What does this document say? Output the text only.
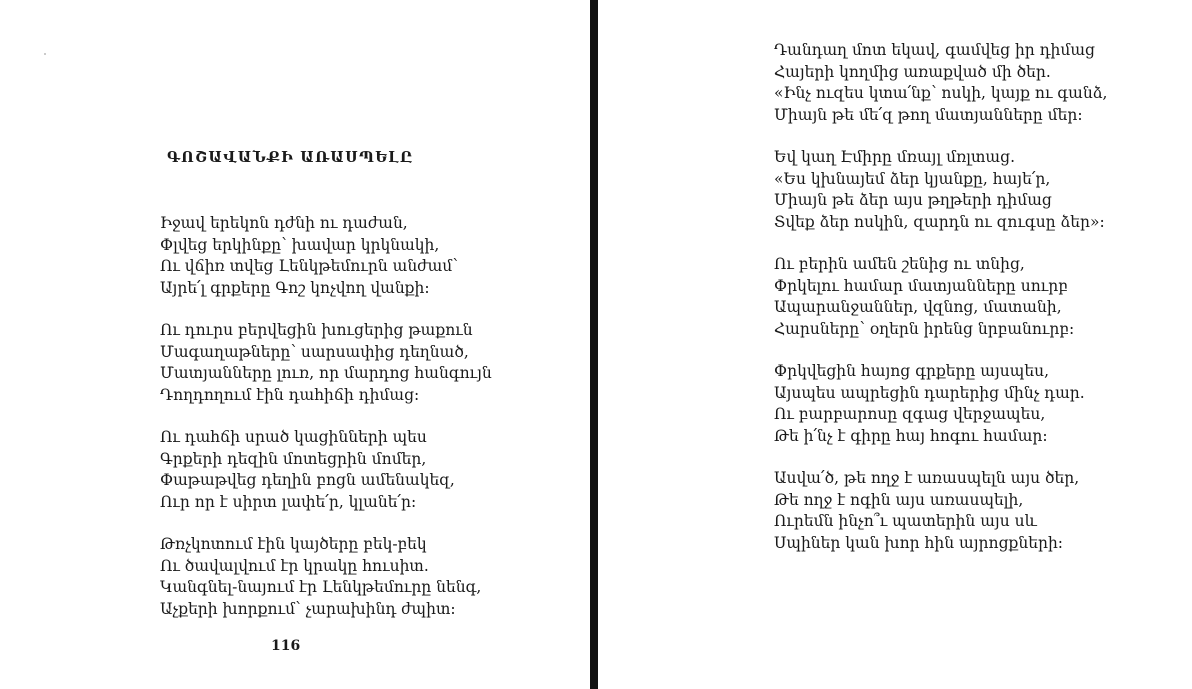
ԳՈՇԱՎԱՆՔԻ ԱՌԱՍՊԵԼԸ
Իջավ երեկոն դժնի ու դաժան,
Փլվեց երկինքը՝ խավար կրկնակի,
Ու վճիռ տվեց Լենկթեմուրն անժամ՝
Այրե՛լ գրքերը Գոշ կոչվող վանքի:
Ու դուրս բերվեցին խուցերից թաքուն
Մագաղաթները՝ սարսափից դեղնած,
Մատյանները լուռ, որ մարդոց հանգույն
Դողդողում էին դահիճի դիմաց:
Ու դահճի սրած կացինների պես
Գրքերի դեզին մոտեցրին մոմեր,
Փաթաթվեց դեղին բոցն ամենակեզ,
Ուր որ է սիրտ լափե՛ր, կլանե՛ր:
Թռչկոտում էին կայծերը բեկ-բեկ
Ու ծավալվում էր կրակը հուսիտ.
Կանգնել-նայում էր Լենկթեմուրը նենգ,
Աչքերի խորքում՝ չարախինդ ժպիտ:
116
Դանդաղ մոտ եկավ, գամվեց իր դիմաց
Հայերի կողմից առաքված մի ծեր.
«Ինչ ուզես կտա՛նք՝ ոսկի, կայք ու գանձ,
Միայն թե մե՛զ թող մատյանները մեր:
Եվ կաղ Էմիրը մռայլ մռլտաց.
«Ես կխնայեմ ձեր կյանքը, հայե՛ր,
Միայն թե ձեր այս թղթերի դիմաց
Տվեք ձեր ոսկին, զարդն ու զուգսը ձեր»:
Ու բերին ամեն շենից ու տնից,
Փրկելու համար մատյանները սուրբ
Ապարանջաններ, վզնոց, մատանի,
Հարսները՝ օղերն իրենց նրբանուրբ:
Փրկվեցին հայոց գրքերը այսպես,
Այսպես ապրեցին դարերից մինչ դար.
Ու բարբարոսը զգաց վերջապես,
Թե ի՛նչ է գիրը հայ հոգու համար:
Ասվա՛ծ, թե ողջ է առասպելն այս ծեր,
Թե ողջ է ոգին այս առասպելի,
Ուրեմն ինչո՞ւ պատերին այս սև
Սպիներ կան խոր հին այրոցքների:
